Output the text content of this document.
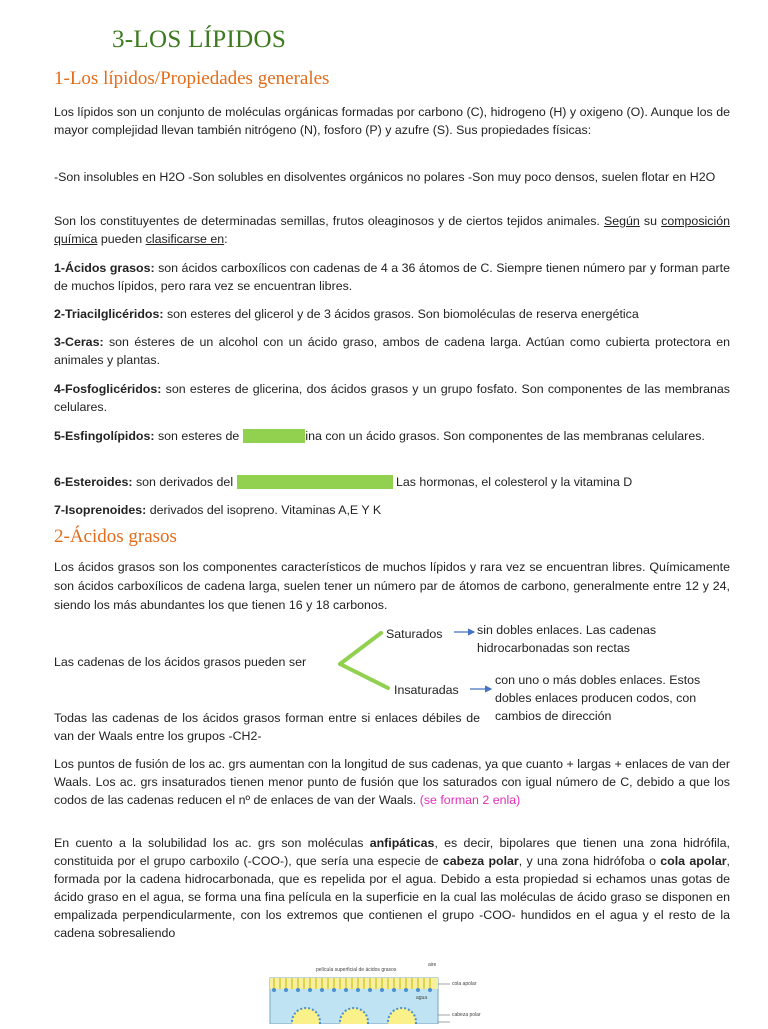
3-LOS LÍPIDOS
1-Los lípidos/Propiedades generales
Los lípidos son un conjunto de moléculas orgánicas formadas por carbono (C), hidrogeno (H) y oxigeno (O). Aunque los de mayor complejidad llevan también nitrógeno (N), fosforo (P) y azufre (S). Sus propiedades físicas:
-Son insolubles en H2O -Son solubles en disolventes orgánicos no polares -Son muy poco densos, suelen flotar en H2O
Son los constituyentes de determinadas semillas, frutos oleaginosos y de ciertos tejidos animales. Según su composición química pueden clasificarse en:
1-Ácidos grasos: son ácidos carboxílicos con cadenas de 4 a 36 átomos de C. Siempre tienen número par y forman parte de muchos lípidos, pero rara vez se encuentran libres.
2-Triacilglicéridos: son esteres del glicerol y de 3 ácidos grasos. Son biomoléculas de reserva energética
3-Ceras: son ésteres de un alcohol con un ácido graso, ambos de cadena larga. Actúan como cubierta protectora en animales y plantas.
4-Fosfoglicéridos: son esteres de glicerina, dos ácidos grasos y un grupo fosfato. Son componentes de las membranas celulares.
5-Esfingolípidos: son esteres de esfingosinaina con un ácido grasos. Son componentes de las membranas celulares.
6-Esteroides: son derivados del ciclopentanoperhidrofenantreno. Las hormonas, el colesterol y la vitamina D
7-Isoprenoides: derivados del isopreno. Vitaminas A,E Y K
2-Ácidos grasos
Los ácidos grasos son los componentes característicos de muchos lípidos y rara vez se encuentran libres. Químicamente son ácidos carboxílicos de cadena larga, suelen tener un número par de átomos de carbono, generalmente entre 12 y 24, siendo los más abundantes los que tienen 16 y 18 carbonos.
Las cadenas de los ácidos grasos pueden ser
Saturados	sin dobles enlaces. Las cadenas hidrocarbonadas son rectas
Insaturadas
con uno o más dobles enlaces. Estos dobles enlaces producen codos, con cambios de dirección
Todas las cadenas de los ácidos grasos forman entre si enlaces débiles de van der Waals entre los grupos -CH2-
Los puntos de fusión de los ac. grs aumentan con la longitud de sus cadenas, ya que cuanto + largas + enlaces de van der Waals. Los ac. grs insaturados tienen menor punto de fusión que los saturados con igual número de C, debido a que los codos de las cadenas reducen el nº de enlaces de van der Waals. (se forman 2 enla)
En cuento a la solubilidad los ac. grs son moléculas anfipáticas, es decir, bipolares que tienen una zona hidrófila, constituida por el grupo carboxilo (-COO-), que sería una especie de cabeza polar, y una zona hidrófoba o cola apolar, formada por la cadena hidrocarbonada, que es repelida por el agua. Debido a esta propiedad si echamos unas gotas de ácido graso en el agua, se forma una fina película en la superficie en la cual las moléculas de ácido graso se disponen en empalizada perpendicularmente, con los extremos que contienen el grupo -COO- hundidos en el agua y el resto de la cadena sobresaliendo
aire
película superficial de ácidos grasos
agua
cola apolar
cabeza polar
